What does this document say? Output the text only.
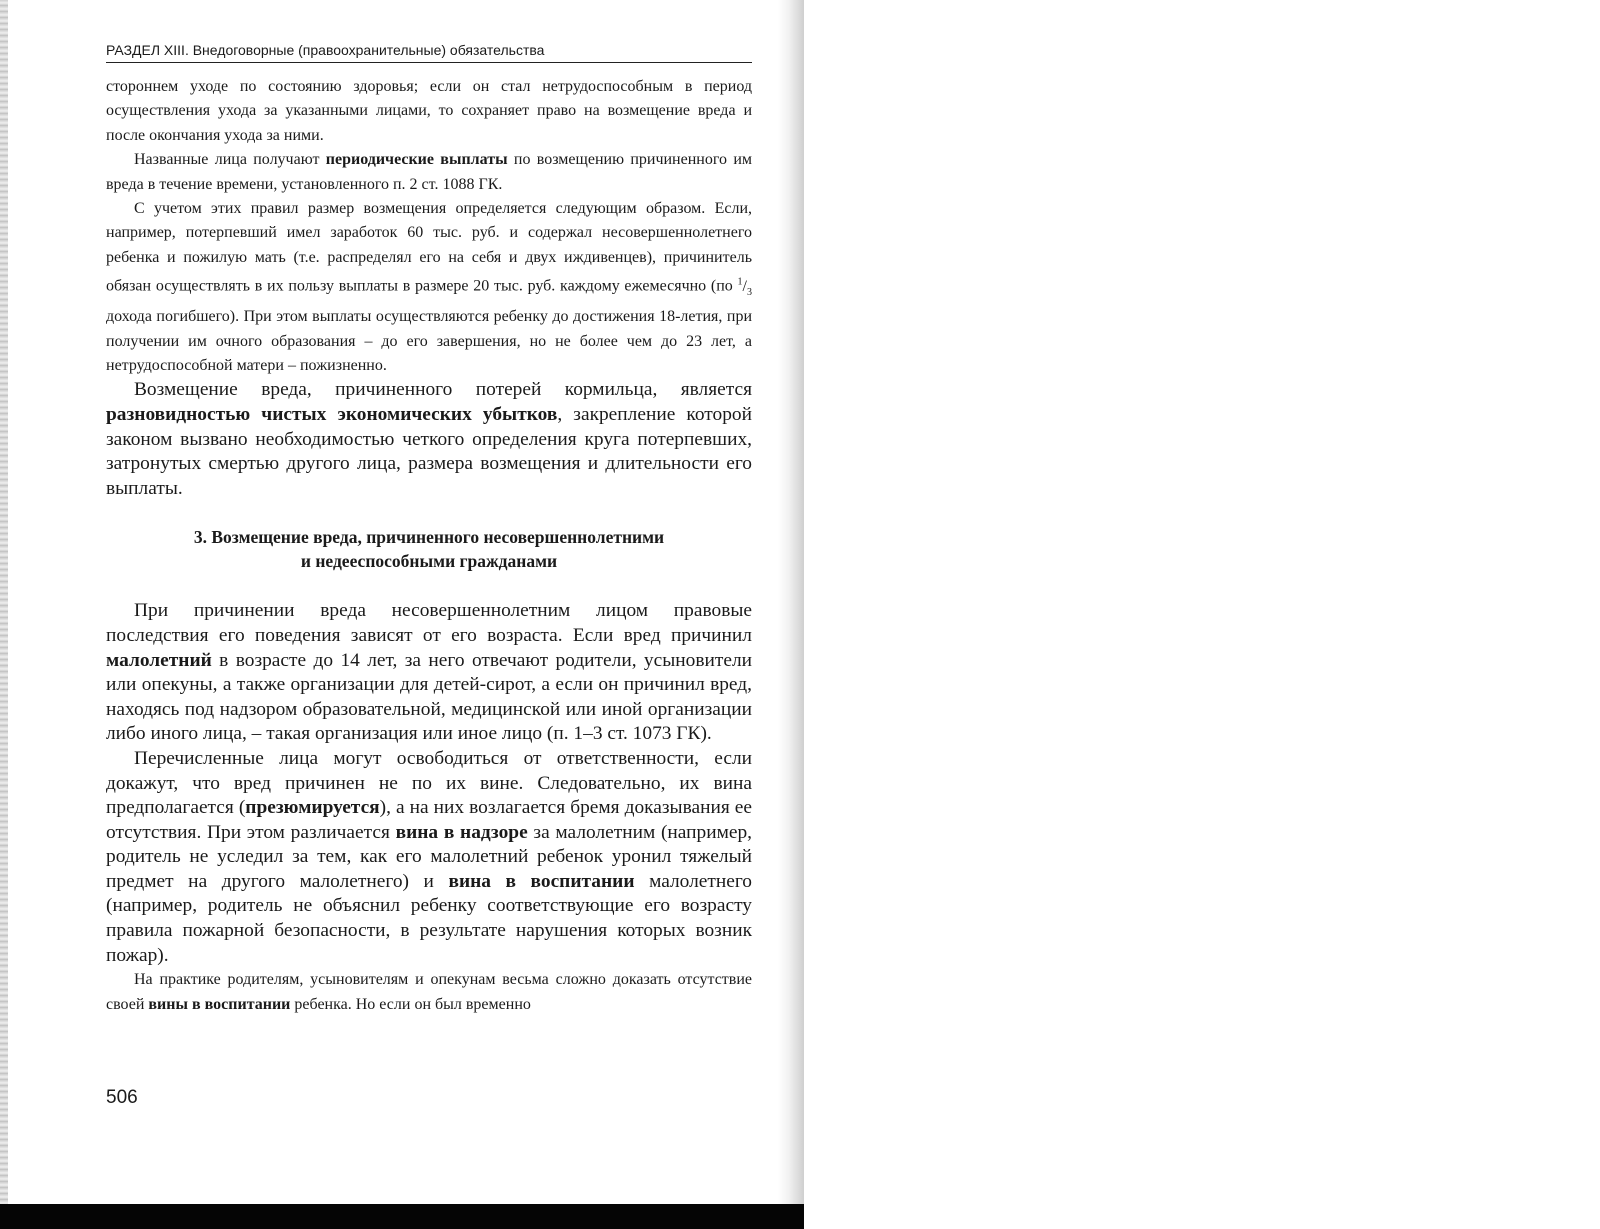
РАЗДЕЛ XIII. Внедоговорные (правоохранительные) обязательства

стороннем уходе по состоянию здоровья; если он стал нетрудоспособным в период осуществления ухода за указанными лицами, то сохраняет право на возмещение вреда и после окончания ухода за ними.

Названные лица получают периодические выплаты по возмещению причиненного им вреда в течение времени, установленного п. 2 ст. 1088 ГК.

С учетом этих правил размер возмещения определяется следующим образом. Если, например, потерпевший имел заработок 60 тыс. руб. и содержал несовершеннолетнего ребенка и пожилую мать (т.е. распределял его на себя и двух иждивенцев), причинитель обязан осуществлять в их пользу выплаты в размере 20 тыс. руб. каждому ежемесячно (по $^1/_3$ дохода погибшего). При этом выплаты осуществляются ребенку до достижения 18-летия, при получении им очного образования – до его завершения, но не более чем до 23 лет, а нетрудоспособной матери – пожизненно.

Возмещение вреда, причиненного потерей кормильца, является разновидностью чистых экономических убытков, закрепление которой законом вызвано необходимостью четкого определения круга потерпевших, затронутых смертью другого лица, размера возмещения и длительности его выплаты.

3. Возмещение вреда, причиненного несовершеннолетними
и недееспособными гражданами

При причинении вреда несовершеннолетним лицом правовые последствия его поведения зависят от его возраста. Если вред причинил малолетний в возрасте до 14 лет, за него отвечают родители, усыновители или опекуны, а также организации для детей-сирот, а если он причинил вред, находясь под надзором образовательной, медицинской или иной организации либо иного лица, – такая организация или иное лицо (п. 1–3 ст. 1073 ГК).

Перечисленные лица могут освободиться от ответственности, если докажут, что вред причинен не по их вине. Следовательно, их вина предполагается (презюмируется), а на них возлагается бремя доказывания ее отсутствия. При этом различается вина в надзоре за малолетним (например, родитель не уследил за тем, как его малолетний ребенок уронил тяжелый предмет на другого малолетнего) и вина в воспитании малолетнего (например, родитель не объяснил ребенку соответствующие его возрасту правила пожарной безопасности, в результате нарушения которых возник пожар).

На практике родителям, усыновителям и опекунам весьма сложно доказать отсутствие своей вины в воспитании ребенка. Но если он был временно

506
